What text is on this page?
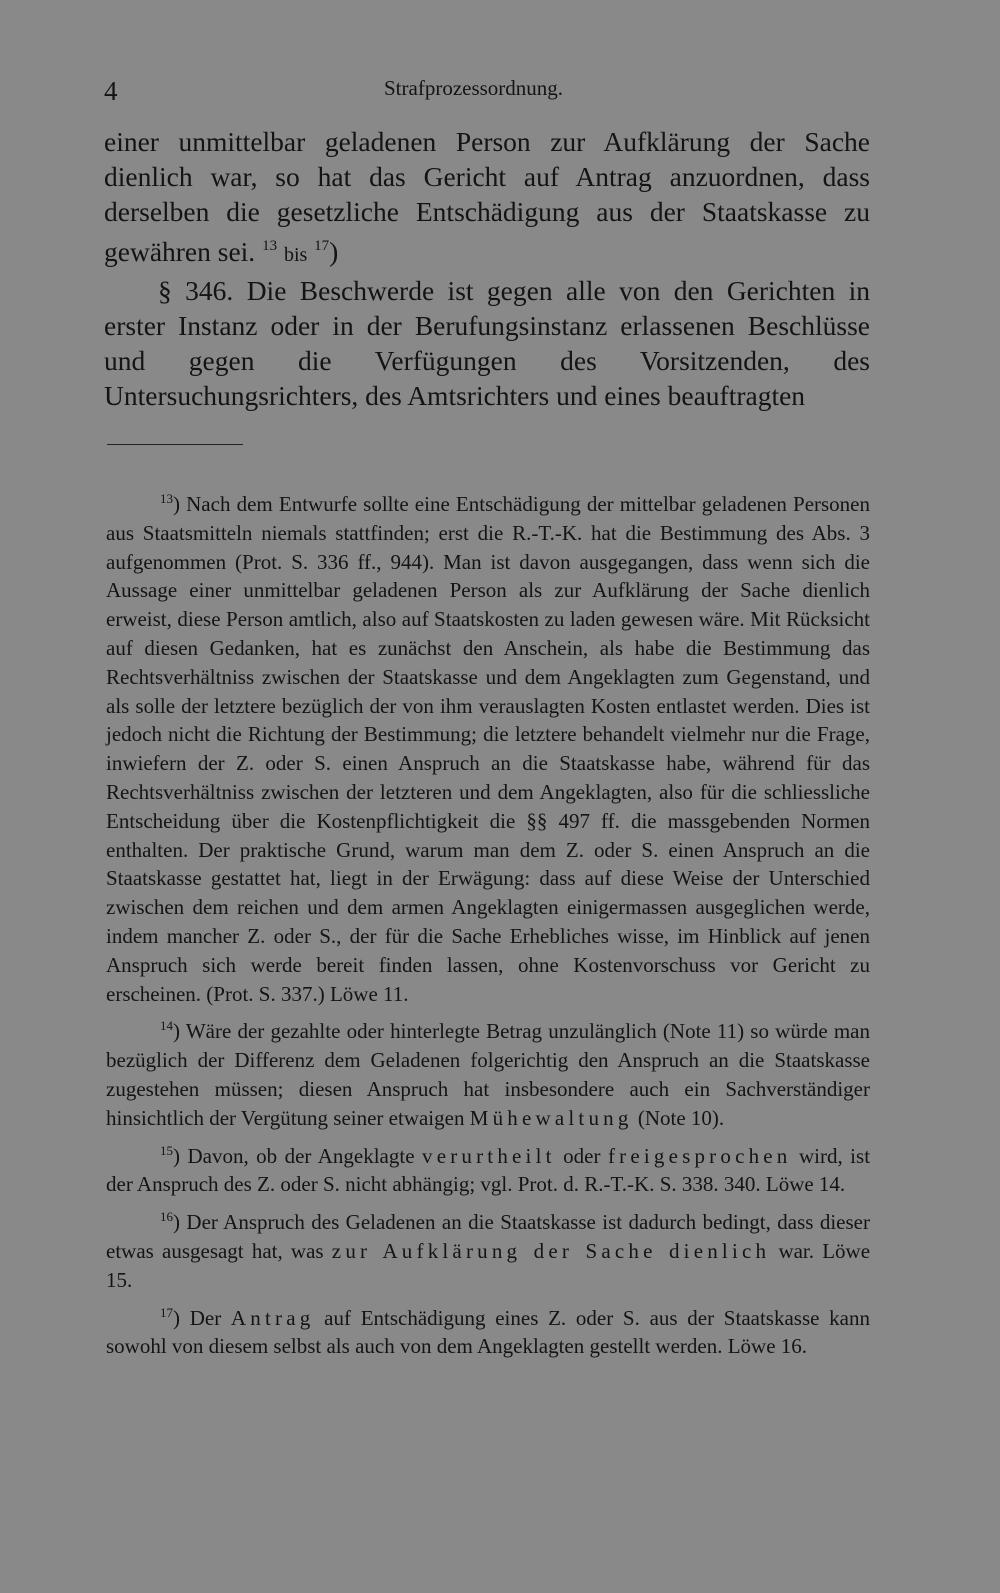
4	Strafprozessordnung.

einer unmittelbar geladenen Person zur Aufklärung der Sache dienlich war, so hat das Gericht auf Antrag anzuordnen, dass derselben die gesetzliche Entschädigung aus der Staatskasse zu gewähren sei. $^{13}$ bis $^{17}$)

§ 346. Die Beschwerde ist gegen alle von den Gerichten in erster Instanz oder in der Berufungsinstanz erlassenen Beschlüsse und gegen die Verfügungen des Vorsitzenden, des Untersuchungsrichters, des Amtsrichters und eines beauftragten

$^{13}$) Nach dem Entwurfe sollte eine Entschädigung der mittelbar geladenen Personen aus Staatsmitteln niemals stattfinden; erst die R.-T.-K. hat die Bestimmung des Abs. 3 aufgenommen (Prot. S. 336 ff., 944). Man ist davon ausgegangen, dass wenn sich die Aussage einer unmittelbar geladenen Person als zur Aufklärung der Sache dienlich erweist, diese Person amtlich, also auf Staatskosten zu laden gewesen wäre. Mit Rücksicht auf diesen Gedanken, hat es zunächst den Anschein, als habe die Bestimmung das Rechtsverhältniss zwischen der Staatskasse und dem Angeklagten zum Gegenstand, und als solle der letztere bezüglich der von ihm verauslagten Kosten entlastet werden. Dies ist jedoch nicht die Richtung der Bestimmung; die letztere behandelt vielmehr nur die Frage, inwiefern der Z. oder S. einen Anspruch an die Staatskasse habe, während für das Rechtsverhältniss zwischen der letzteren und dem Angeklagten, also für die schliessliche Entscheidung über die Kostenpflichtigkeit die §§ 497 ff. die massgebenden Normen enthalten. Der praktische Grund, warum man dem Z. oder S. einen Anspruch an die Staatskasse gestattet hat, liegt in der Erwägung: dass auf diese Weise der Unterschied zwischen dem reichen und dem armen Angeklagten einigermassen ausgeglichen werde, indem mancher Z. oder S., der für die Sache Erhebliches wisse, im Hinblick auf jenen Anspruch sich werde bereit finden lassen, ohne Kostenvorschuss vor Gericht zu erscheinen. (Prot. S. 337.) Löwe 11.

$^{14}$) Wäre der gezahlte oder hinterlegte Betrag unzulänglich (Note 11) so würde man bezüglich der Differenz dem Geladenen folgerichtig den Anspruch an die Staatskasse zugestehen müssen; diesen Anspruch hat insbesondere auch ein Sachverständiger hinsichtlich der Vergütung seiner etwaigen Mühewaltung (Note 10).

$^{15}$) Davon, ob der Angeklagte verurtheilt oder freigesprochen wird, ist der Anspruch des Z. oder S. nicht abhängig; vgl. Prot. d. R.-T.-K. S. 338. 340. Löwe 14.

$^{16}$) Der Anspruch des Geladenen an die Staatskasse ist dadurch bedingt, dass dieser etwas ausgesagt hat, was zur Aufklärung der Sache dienlich war. Löwe 15.

$^{17}$) Der Antrag auf Entschädigung eines Z. oder S. aus der Staatskasse kann sowohl von diesem selbst als auch von dem Angeklagten gestellt werden. Löwe 16.
